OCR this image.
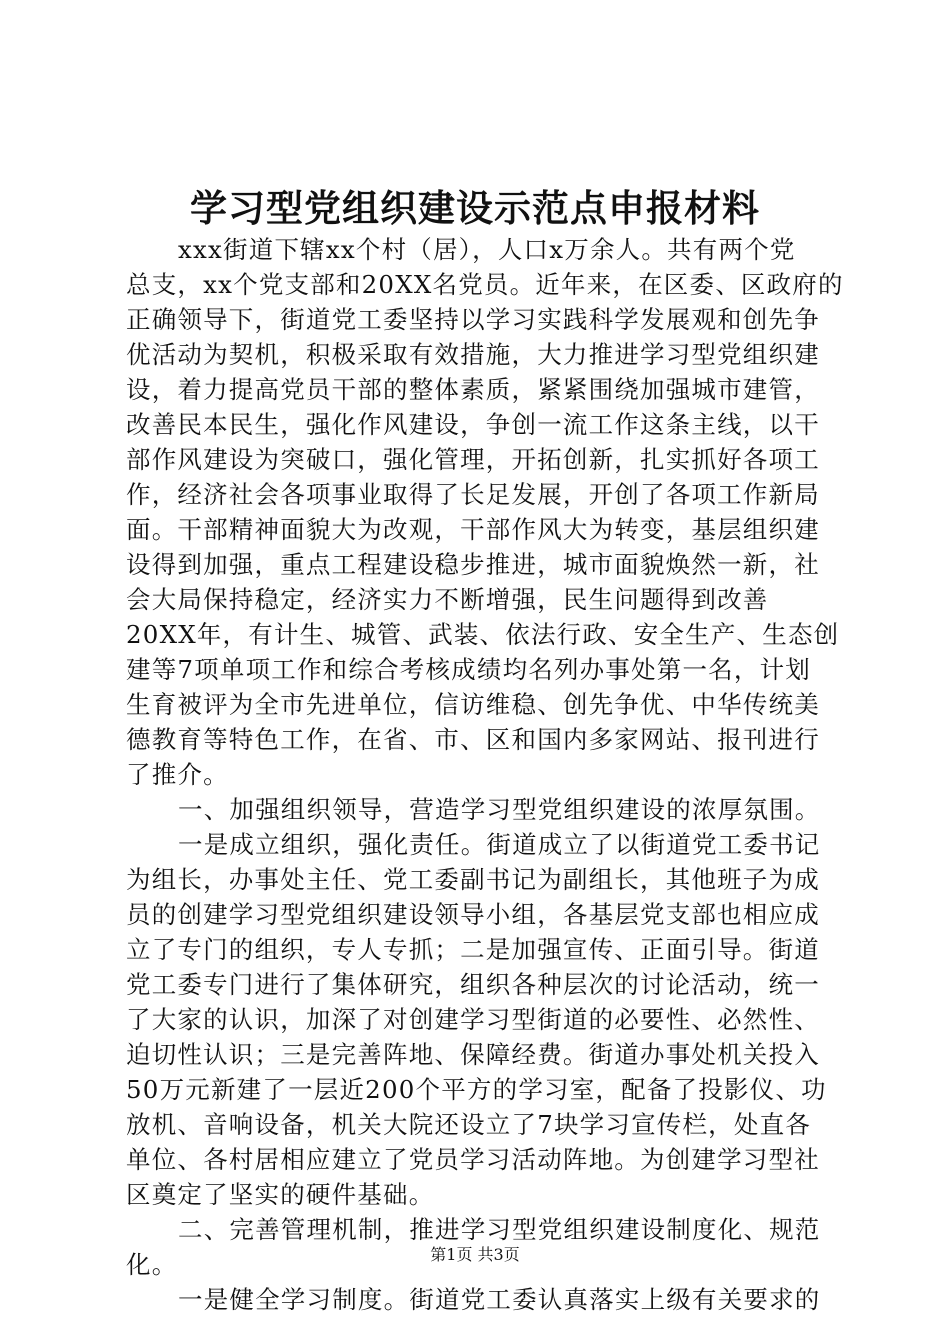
学习型党组织建设示范点申报材料
xxx街道下辖xx个村（居），人口x万余人。共有两个党
总支，xx个党支部和20XX名党员。近年来，在区委、区政府的
正确领导下，街道党工委坚持以学习实践科学发展观和创先争
优活动为契机，积极采取有效措施，大力推进学习型党组织建
设，着力提高党员干部的整体素质，紧紧围绕加强城市建管，
改善民本民生，强化作风建设，争创一流工作这条主线，以干
部作风建设为突破口，强化管理，开拓创新，扎实抓好各项工
作，经济社会各项事业取得了长足发展，开创了各项工作新局
面。干部精神面貌大为改观，干部作风大为转变，基层组织建
设得到加强，重点工程建设稳步推进，城市面貌焕然一新，社
会大局保持稳定，经济实力不断增强，民生问题得到改善
20XX年，有计生、城管、武装、依法行政、安全生产、生态创
建等7项单项工作和综合考核成绩均名列办事处第一名，计划
生育被评为全市先进单位，信访维稳、创先争优、中华传统美
德教育等特色工作，在省、市、区和国内多家网站、报刊进行
了推介。
一、加强组织领导，营造学习型党组织建设的浓厚氛围。
一是成立组织，强化责任。街道成立了以街道党工委书记
为组长，办事处主任、党工委副书记为副组长，其他班子为成
员的创建学习型党组织建设领导小组，各基层党支部也相应成
立了专门的组织，专人专抓；二是加强宣传、正面引导。街道
党工委专门进行了集体研究，组织各种层次的讨论活动，统一
了大家的认识，加深了对创建学习型街道的必要性、必然性、
迫切性认识；三是完善阵地、保障经费。街道办事处机关投入
50万元新建了一层近200个平方的学习室，配备了投影仪、功
放机、音响设备，机关大院还设立了7块学习宣传栏，处直各
单位、各村居相应建立了党员学习活动阵地。为创建学习型社
区奠定了坚实的硬件基础。
二、完善管理机制，推进学习型党组织建设制度化、规范
化。
一是健全学习制度。街道党工委认真落实上级有关要求的
第1页 共3页
